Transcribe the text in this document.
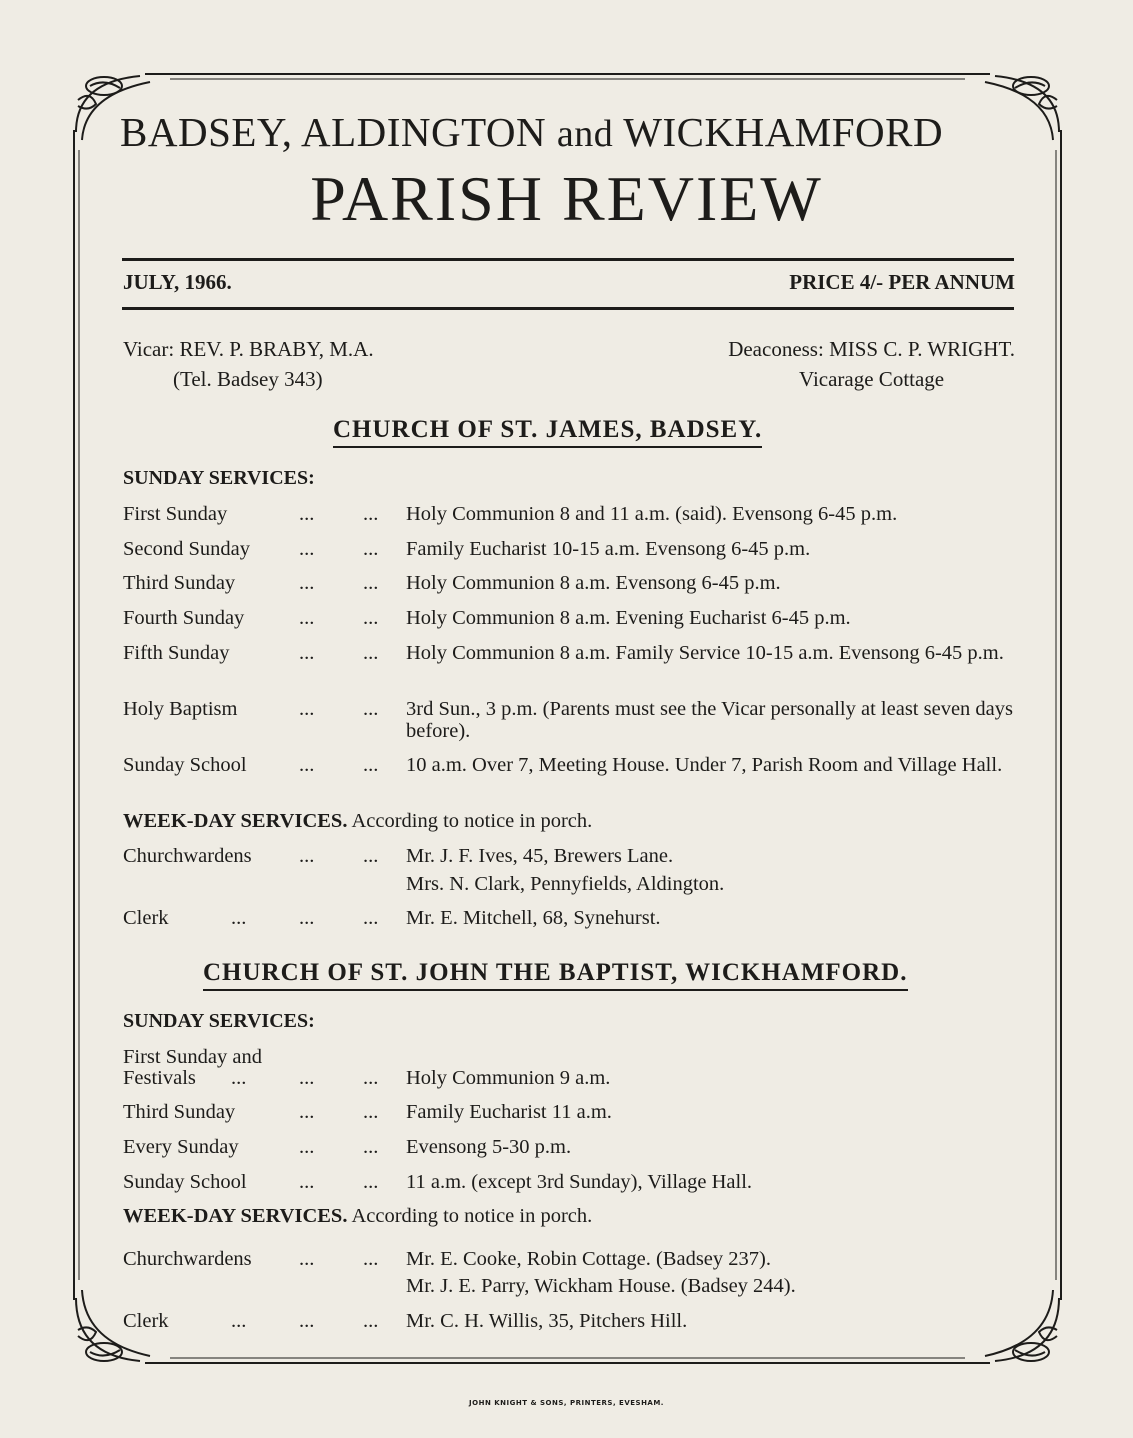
BADSEY, ALDINGTON and WICKHAMFORD
PARISH REVIEW
JULY, 1966.	PRICE 4/- PER ANNUM
Vicar: REV. P. BRABY, M.A.
(Tel. Badsey 343)
Deaconess: MISS C. P. WRIGHT.
Vicarage Cottage
CHURCH OF ST. JAMES, BADSEY.
SUNDAY SERVICES:
First Sunday	... ... Holy Communion 8 and 11 a.m. (said). Evensong 6-45 p.m.
Second Sunday ... ... Family Eucharist 10-15 a.m. Evensong 6-45 p.m.
Third Sunday	... ... Holy Communion 8 a.m. Evensong 6-45 p.m.
Fourth Sunday	... ... Holy Communion 8 a.m. Evening Eucharist 6-45 p.m.
Fifth Sunday	... ... Holy Communion 8 a.m. Family Service 10-15 a.m. Evensong 6-45 p.m.
Holy Baptism	... ... 3rd Sun., 3 p.m. (Parents must see the Vicar personally at least seven days before).
Sunday School	... ... 10 a.m. Over 7, Meeting House. Under 7, Parish Room and Village Hall.
WEEK-DAY SERVICES. According to notice in porch.
Churchwardens ... ... Mr. J. F. Ives, 45, Brewers Lane.
Mrs. N. Clark, Pennyfields, Aldington.
Clerk	...	... ... Mr. E. Mitchell, 68, Synehurst.
CHURCH OF ST. JOHN THE BAPTIST, WICKHAMFORD.
SUNDAY SERVICES:
First Sunday and
Festivals ...	... ... Holy Communion 9 a.m.
Third Sunday	... ... Family Eucharist 11 a.m.
Every Sunday	... ... Evensong 5-30 p.m.
Sunday School	... ... 11 a.m. (except 3rd Sunday), Village Hall.
WEEK-DAY SERVICES. According to notice in porch.
Churchwardens ... ... Mr. E. Cooke, Robin Cottage. (Badsey 237).
Mr. J. E. Parry, Wickham House. (Badsey 244).
Clerk	...	... ... Mr. C. H. Willis, 35, Pitchers Hill.
JOHN KNIGHT & SONS, PRINTERS, EVESHAM.
